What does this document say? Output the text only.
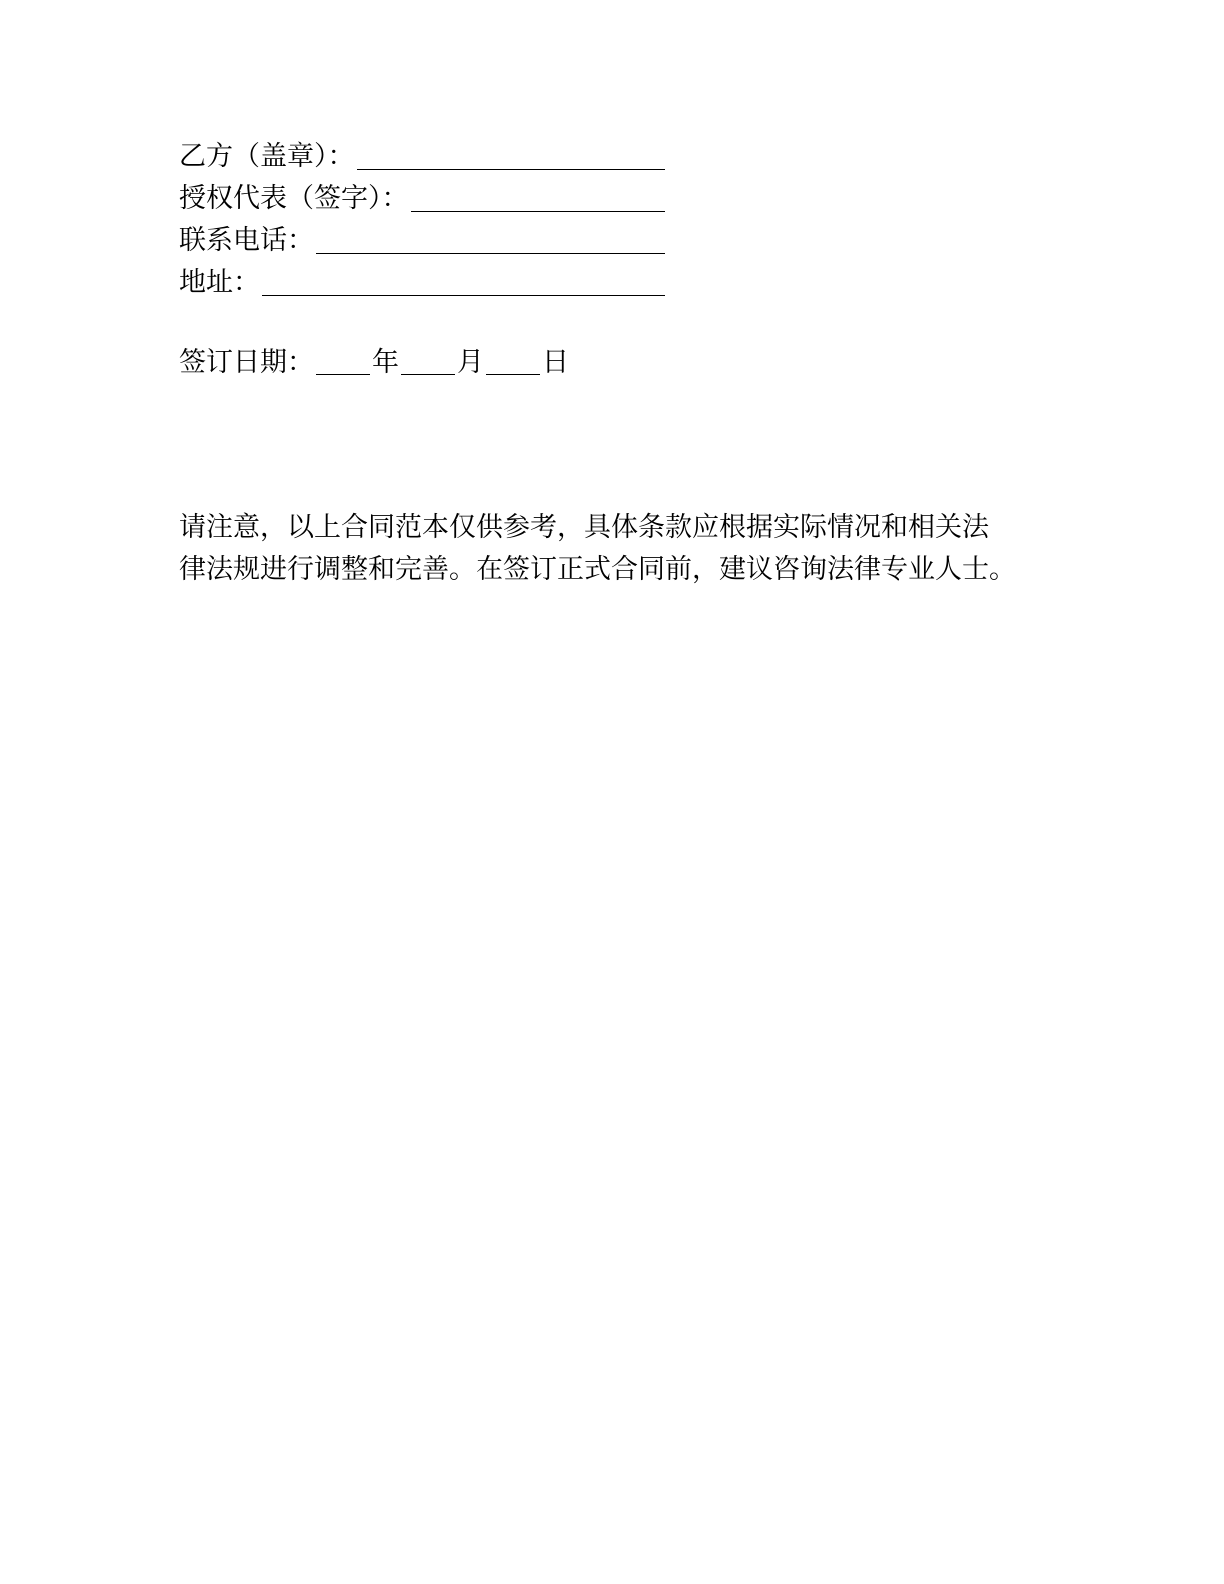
乙方（盖章）：
授权代表（签字）：
联系电话：
地址：
签订日期： 年 月 日
请注意，以上合同范本仅供参考，具体条款应根据实际情况和相关法
律法规进行调整和完善。在签订正式合同前，建议咨询法律专业人士。
